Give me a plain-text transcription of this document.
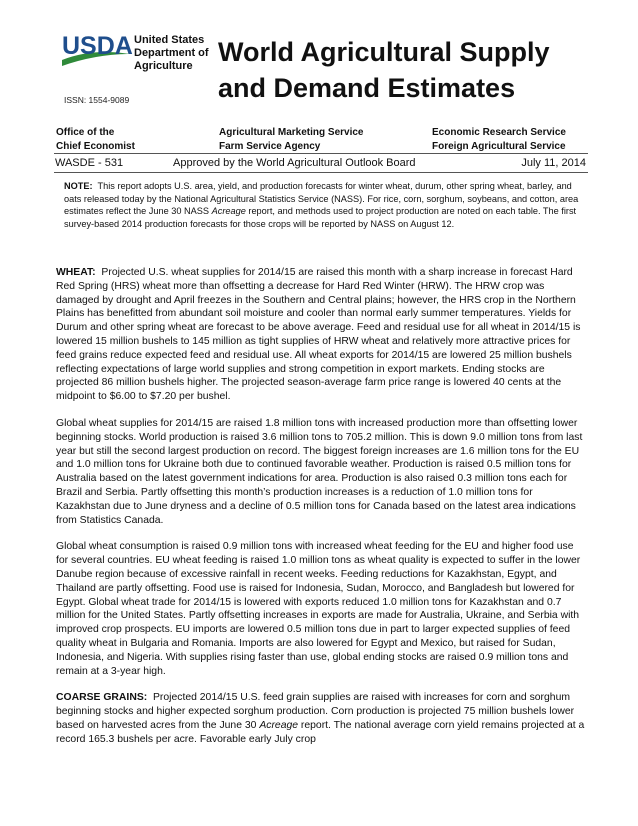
USDA United States
Department of
Agriculture
ISSN: 1554-9089
World Agricultural Supply
and Demand Estimates
Office of the
Chief Economist
Agricultural Marketing Service
Farm Service Agency
Economic Research Service
Foreign Agricultural Service
WASDE - 531	Approved by the World Agricultural Outlook Board	July 11, 2014
NOTE: This report adopts U.S. area, yield, and production forecasts for winter wheat, durum, other spring wheat, barley, and oats released today by the National Agricultural Statistics Service (NASS). For rice, corn, sorghum, soybeans, and cotton, area estimates reflect the June 30 NASS Acreage report, and methods used to project production are noted on each table. The first survey-based 2014 production forecasts for those crops will be reported by NASS on August 12.

WHEAT: Projected U.S. wheat supplies for 2014/15 are raised this month with a sharp increase in forecast Hard Red Spring (HRS) wheat more than offsetting a decrease for Hard Red Winter (HRW). The HRW crop was damaged by drought and April freezes in the Southern and Central plains; however, the HRS crop in the Northern Plains has benefitted from abundant soil moisture and cooler than normal early summer temperatures. Yields for Durum and other spring wheat are forecast to be above average. Feed and residual use for all wheat in 2014/15 is lowered 15 million bushels to 145 million as tight supplies of HRW wheat and relatively more attractive prices for feed grains reduce expected feed and residual use. All wheat exports for 2014/15 are lowered 25 million bushels reflecting expectations of large world supplies and strong competition in export markets. Ending stocks are projected 86 million bushels higher. The projected season-average farm price range is lowered 40 cents at the midpoint to $6.00 to $7.20 per bushel.

Global wheat supplies for 2014/15 are raised 1.8 million tons with increased production more than offsetting lower beginning stocks. World production is raised 3.6 million tons to 705.2 million. This is down 9.0 million tons from last year but still the second largest production on record. The biggest foreign increases are 1.6 million tons for the EU and 1.0 million tons for Ukraine both due to continued favorable weather. Production is raised 0.5 million tons for Australia based on the latest government indications for area. Production is also raised 0.3 million tons each for Brazil and Serbia. Partly offsetting this month’s production increases is a reduction of 1.0 million tons for Kazakhstan due to June dryness and a decline of 0.5 million tons for Canada based on the latest area indications from Statistics Canada.

Global wheat consumption is raised 0.9 million tons with increased wheat feeding for the EU and higher food use for several countries. EU wheat feeding is raised 1.0 million tons as wheat quality is expected to suffer in the lower Danube region because of excessive rainfall in recent weeks. Feeding reductions for Kazakhstan, Egypt, and Thailand are partly offsetting. Food use is raised for Indonesia, Sudan, Morocco, and Bangladesh but lowered for Egypt. Global wheat trade for 2014/15 is lowered with exports reduced 1.0 million tons for Kazakhstan and 0.7 million for the United States. Partly offsetting increases in exports are made for Australia, Ukraine, and Serbia with improved crop prospects. EU imports are lowered 0.5 million tons due in part to larger expected supplies of feed quality wheat in Bulgaria and Romania. Imports are also lowered for Egypt and Mexico, but raised for Sudan, Indonesia, and Nigeria. With supplies rising faster than use, global ending stocks are raised 0.9 million tons and remain at a 3-year high.

COARSE GRAINS: Projected 2014/15 U.S. feed grain supplies are raised with increases for corn and sorghum beginning stocks and higher expected sorghum production. Corn production is projected 75 million bushels lower based on harvested acres from the June 30 Acreage report. The national average corn yield remains projected at a record 165.3 bushels per acre. Favorable early July crop
